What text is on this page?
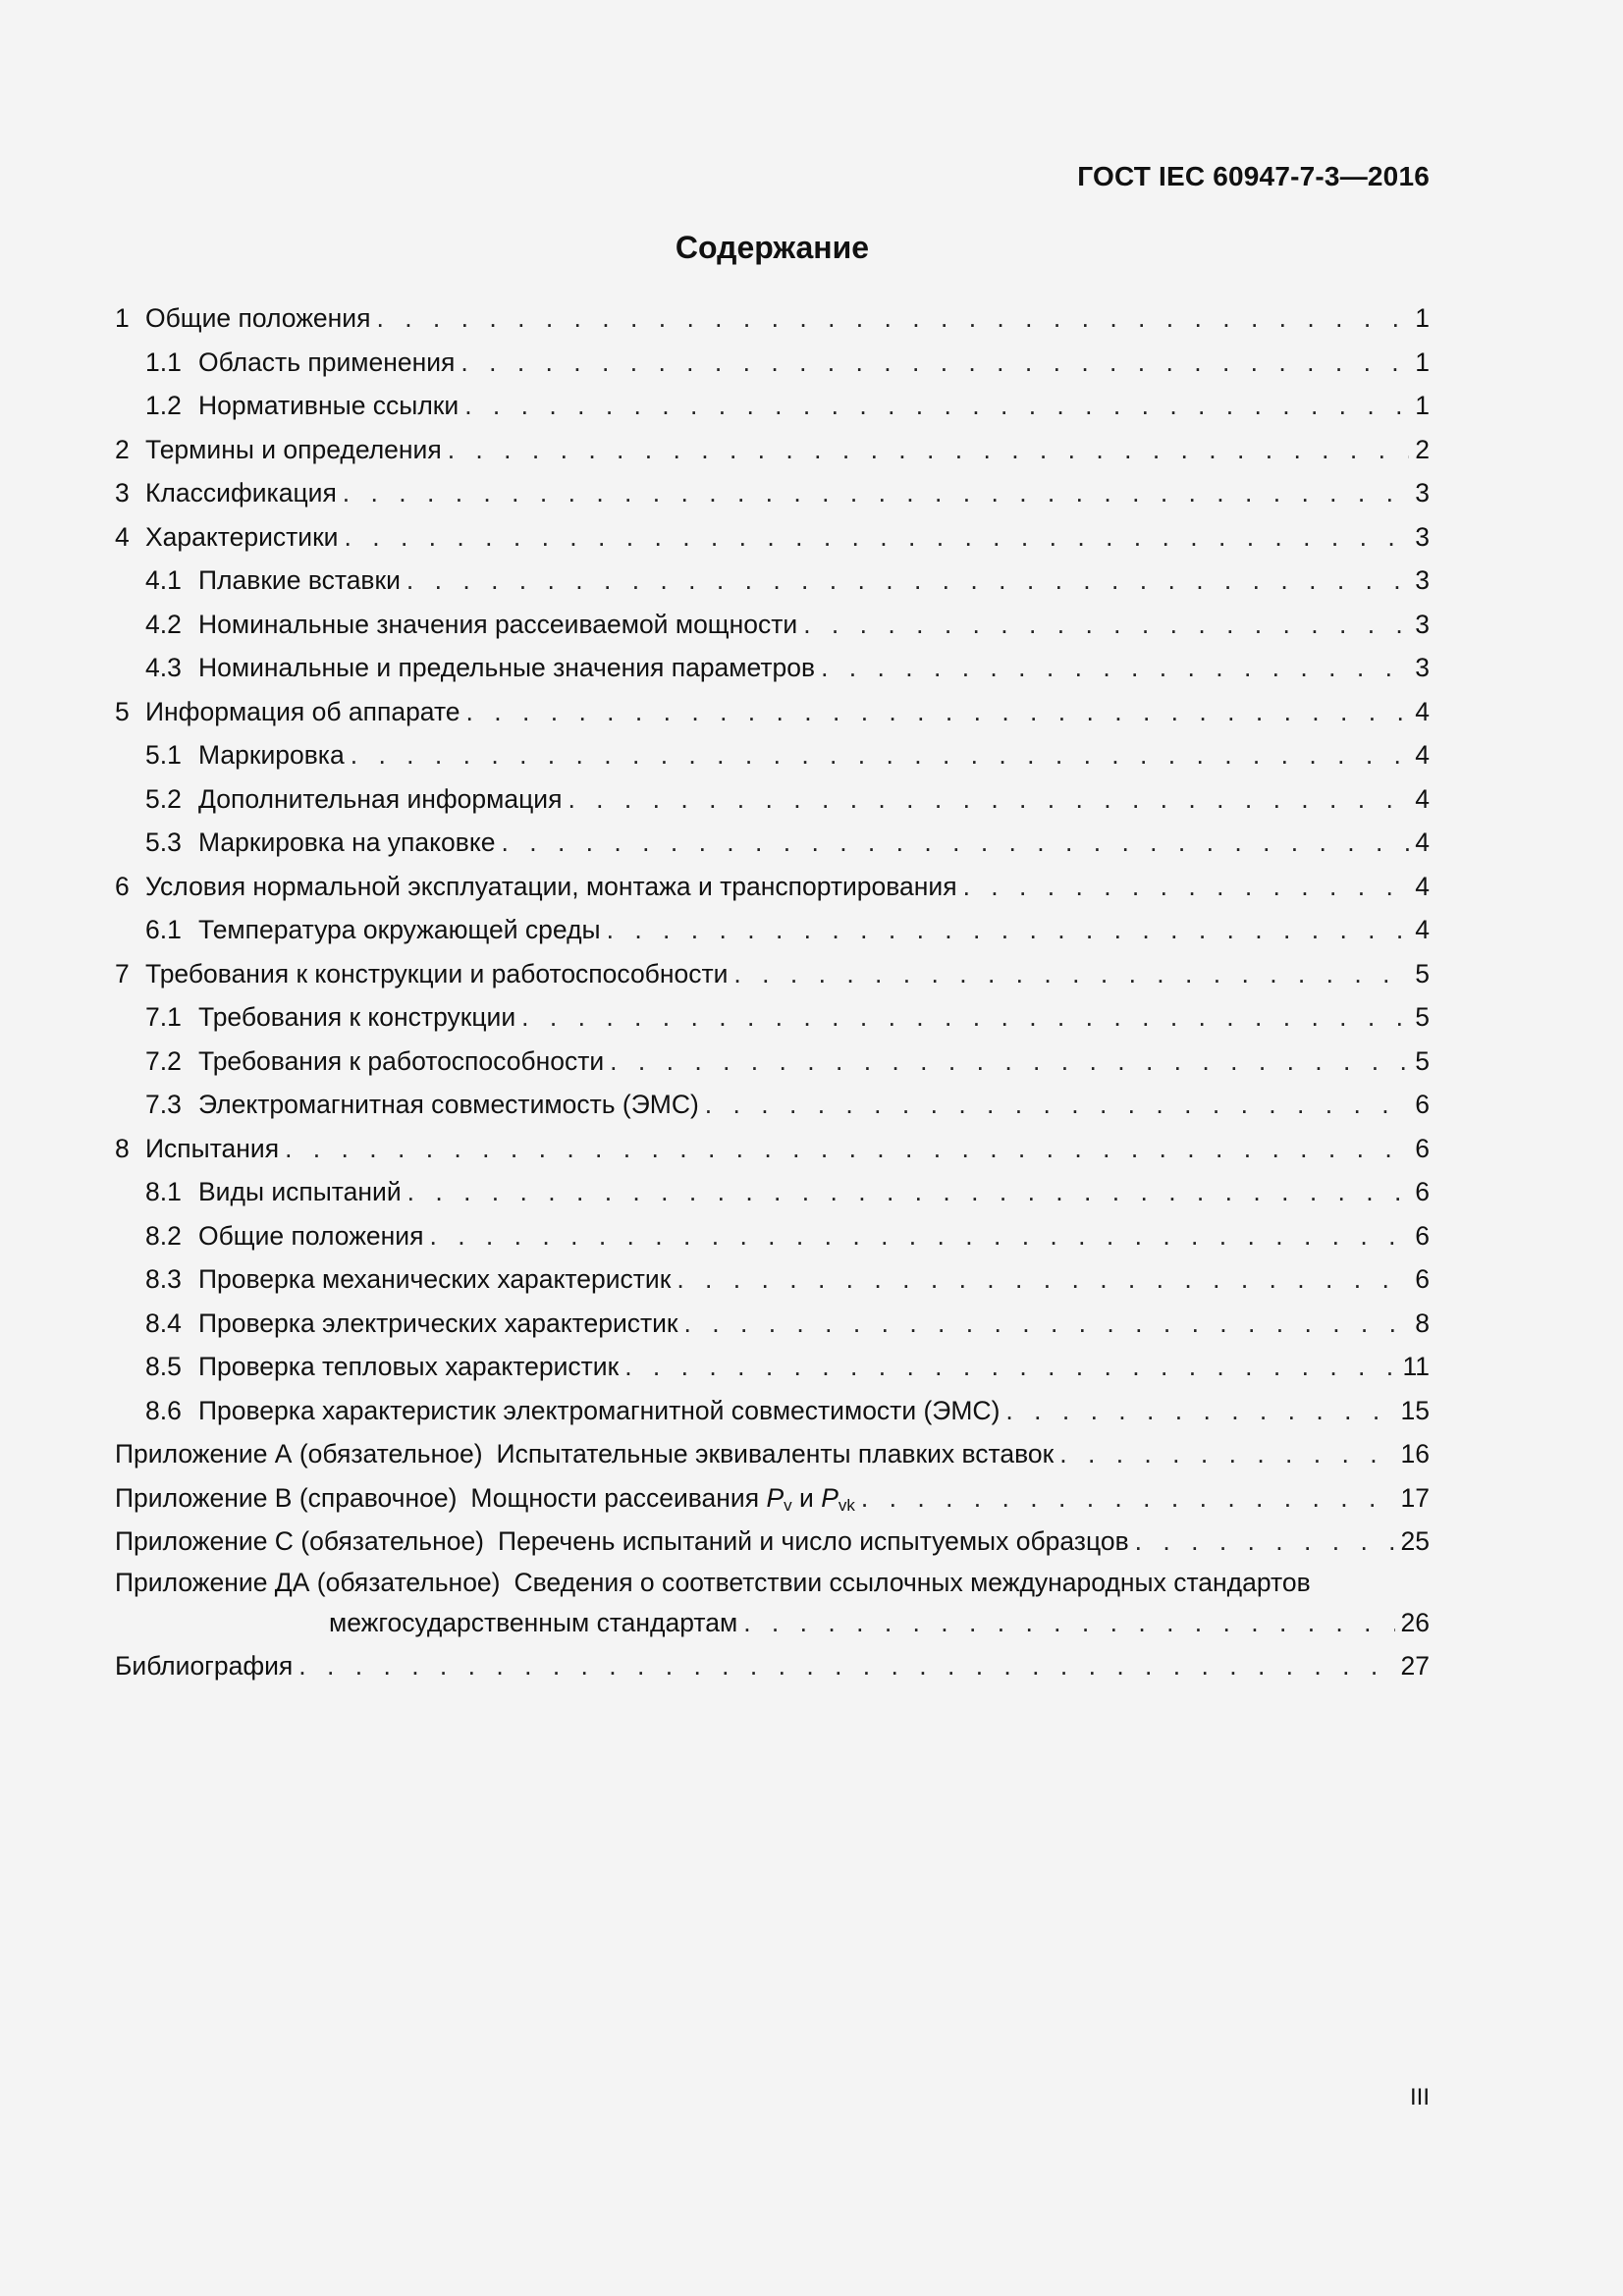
ГОСТ IEC 60947-7-3—2016
Содержание
1 Общие положения . . .	1
1.1 Область применения . . .	1
1.2 Нормативные ссылки . . .	1
2 Термины и определения . . .	2
3 Классификация . . .	3
4 Характеристики . . .	3
4.1 Плавкие вставки . . .	3
4.2 Номинальные значения рассеиваемой мощности . . .	3
4.3 Номинальные и предельные значения параметров . . .	3
5 Информация об аппарате . . .	4
5.1 Маркировка . . .	4
5.2 Дополнительная информация . . .	4
5.3 Маркировка на упаковке . . .	4
6 Условия нормальной эксплуатации, монтажа и транспортирования . . .	4
6.1 Температура окружающей среды . . .	4
7 Требования к конструкции и работоспособности . . .	5
7.1 Требования к конструкции . . .	5
7.2 Требования к работоспособности . . .	5
7.3 Электромагнитная совместимость (ЭМС) . . .	6
8 Испытания . . .	6
8.1 Виды испытаний . . .	6
8.2 Общие положения . . .	6
8.3 Проверка механических характеристик . . .	6
8.4 Проверка электрических характеристик . . .	8
8.5 Проверка тепловых характеристик . . .	11
8.6 Проверка характеристик электромагнитной совместимости (ЭМС) . . .	15
Приложение А (обязательное) Испытательные эквиваленты плавких вставок . . .	16
Приложение В (справочное) Мощности рассеивания $P_v$ и $P_{vk}$ . . .	17
Приложение С (обязательное) Перечень испытаний и число испытуемых образцов . . .	25
Приложение ДА (обязательное) Сведения о соответствии ссылочных международных стандартов
межгосударственным стандартам . . .	26
Библиография . . .	27
III
